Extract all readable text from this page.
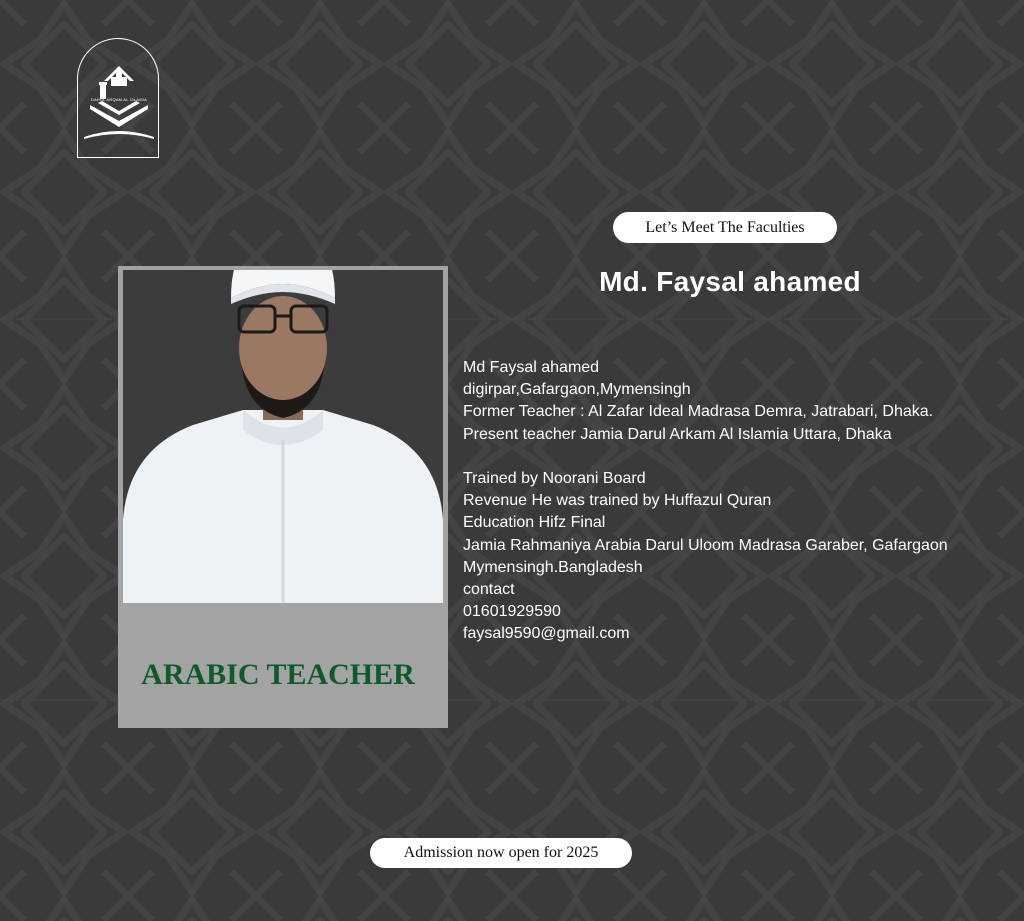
DARUL ARQAM AL ISLAMIA
Let’s Meet The Faculties
Md. Faysal ahamed
ARABIC TEACHER
Md Faysal ahamed
digirpar,Gafargaon,Mymensingh
Former Teacher : Al Zafar Ideal Madrasa Demra, Jatrabari, Dhaka.
Present teacher Jamia Darul Arkam Al Islamia Uttara, Dhaka
Trained by Noorani Board
Revenue He was trained by Huffazul Quran
Education Hifz Final
Jamia Rahmaniya Arabia Darul Uloom Madrasa Garaber, Gafargaon
Mymensingh.Bangladesh
contact
01601929590
faysal9590@gmail.com
Admission now open for 2025
